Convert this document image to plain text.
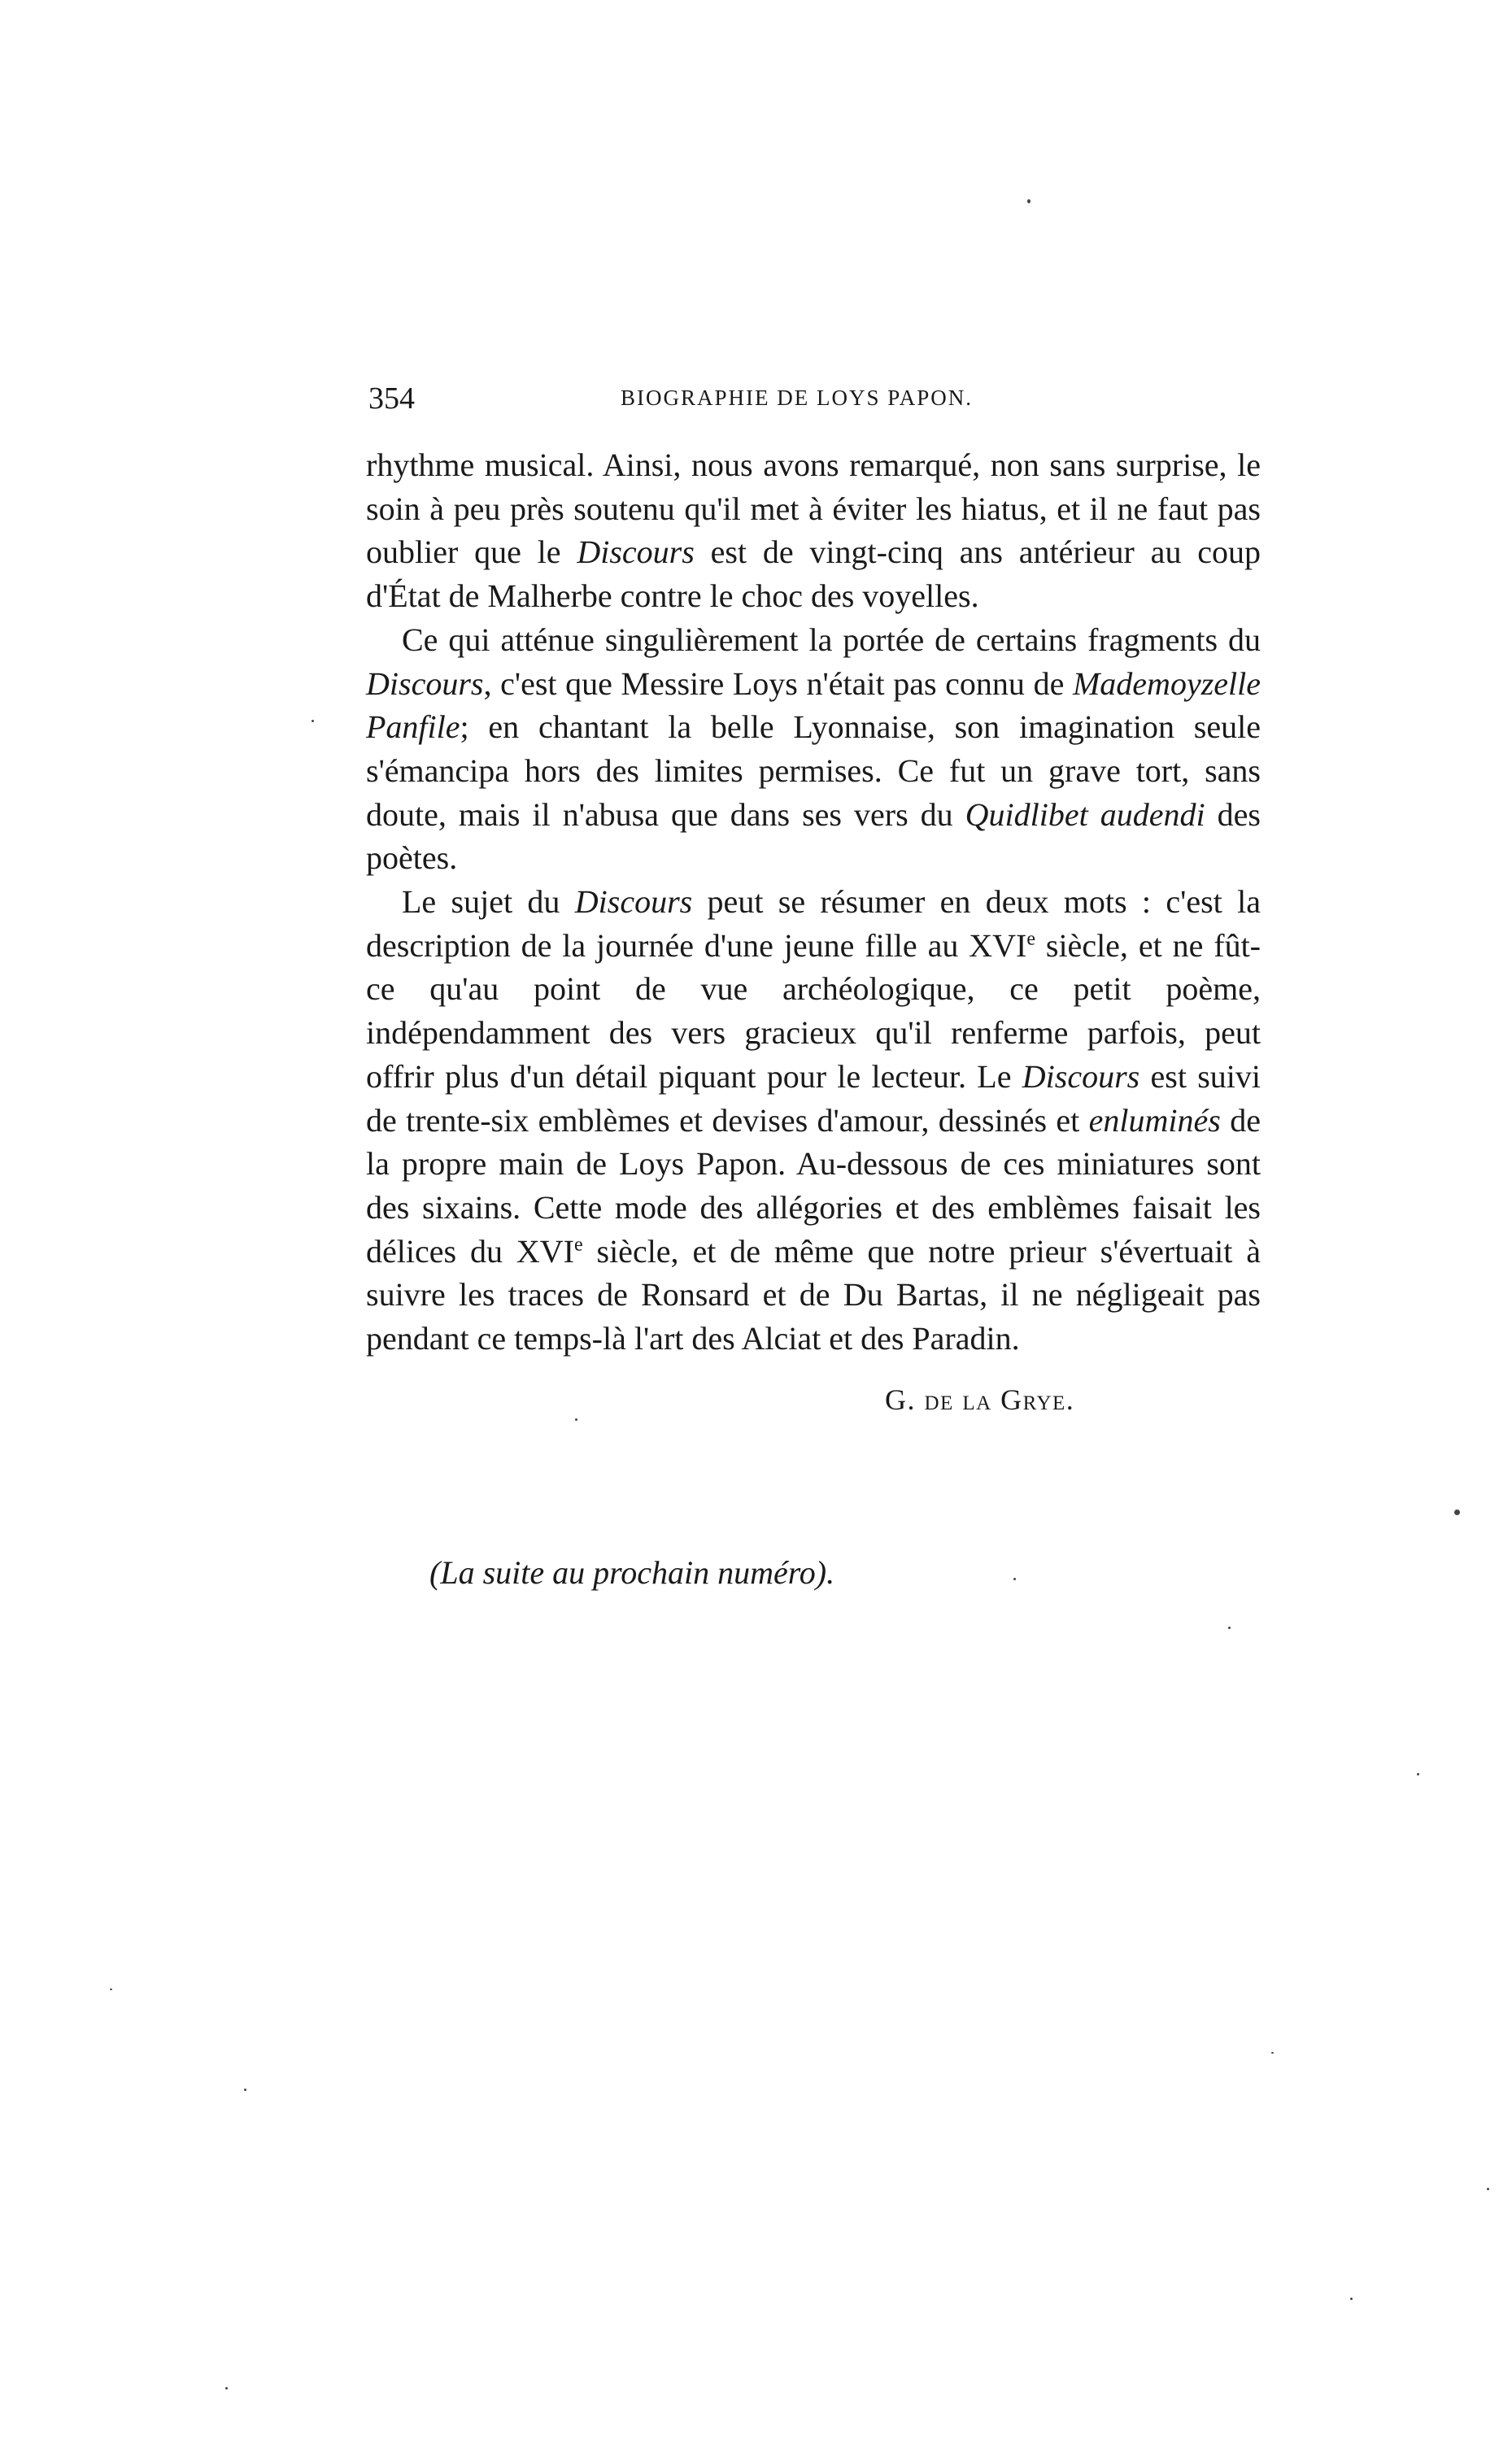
354	BIOGRAPHIE DE LOYS PAPON.

rhythme musical. Ainsi, nous avons remarqué, non sans surprise, le soin à peu près soutenu qu'il met à éviter les hiatus, et il ne faut pas oublier que le Discours est de vingt-cinq ans antérieur au coup d'État de Malherbe contre le choc des voyelles.

Ce qui atténue singulièrement la portée de certains fragments du Discours, c'est que Messire Loys n'était pas connu de Mademoyzelle Panfile; en chantant la belle Lyonnaise, son imagination seule s'émancipa hors des limites permises. Ce fut un grave tort, sans doute, mais il n'abusa que dans ses vers du Quidlibet audendi des poètes.

Le sujet du Discours peut se résumer en deux mots : c'est la description de la journée d'une jeune fille au XVIe siècle, et ne fût-ce qu'au point de vue archéologique, ce petit poème, indépendamment des vers gracieux qu'il renferme parfois, peut offrir plus d'un détail piquant pour le lecteur. Le Discours est suivi de trente-six emblèmes et devises d'amour, dessinés et enluminés de la propre main de Loys Papon. Au-dessous de ces miniatures sont des sixains. Cette mode des allégories et des emblèmes faisait les délices du XVIe siècle, et de même que notre prieur s'évertuait à suivre les traces de Ronsard et de Du Bartas, il ne négligeait pas pendant ce temps-là l'art des Alciat et des Paradin.

G. de la Grye.
(La suite au prochain numéro).
